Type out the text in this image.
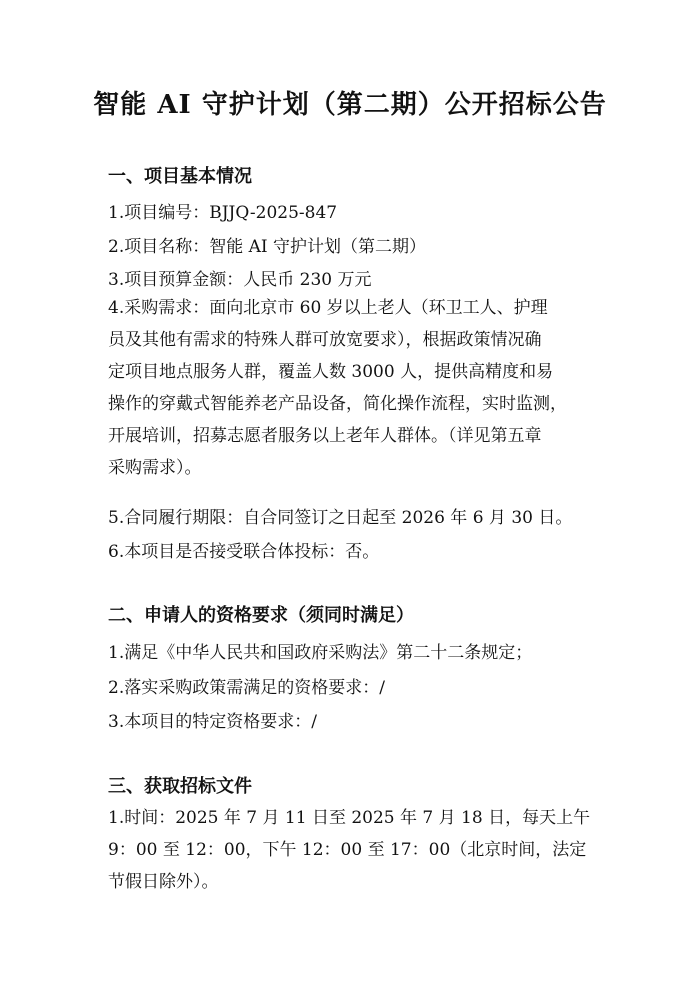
智能 AI 守护计划（第二期）公开招标公告
一、项目基本情况
1.项目编号：BJJQ-2025-847
2.项目名称：智能 AI 守护计划（第二期）
3.项目预算金额：人民币 230 万元
4.采购需求：面向北京市 60 岁以上老人（环卫工人、护理
员及其他有需求的特殊人群可放宽要求），根据政策情况确
定项目地点服务人群，覆盖人数 3000 人，提供高精度和易
操作的穿戴式智能养老产品设备，简化操作流程，实时监测，
开展培训，招募志愿者服务以上老年人群体。（详见第五章
采购需求）。
5.合同履行期限：自合同签订之日起至 2026 年 6 月 30 日。
6.本项目是否接受联合体投标：否。
二、申请人的资格要求（须同时满足）
1.满足《中华人民共和国政府采购法》第二十二条规定；
2.落实采购政策需满足的资格要求：/
3.本项目的特定资格要求：/
三、获取招标文件
1.时间：2025 年 7 月 11 日至 2025 年 7 月 18 日，每天上午
9：00 至 12：00，下午 12：00 至 17：00（北京时间，法定
节假日除外）。
